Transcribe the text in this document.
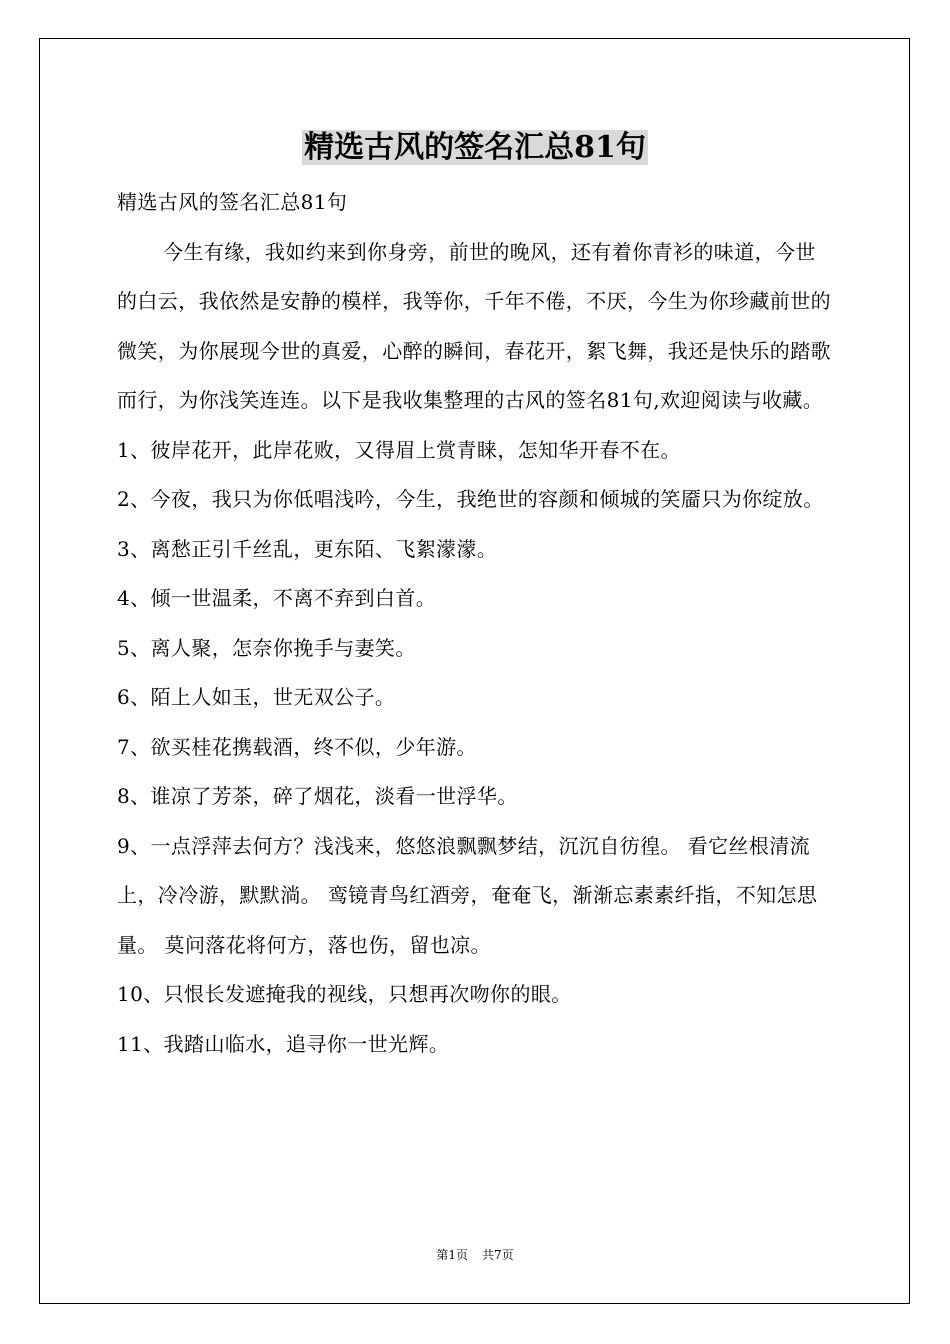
精选古风的签名汇总81句

精选古风的签名汇总81句

今生有缘，我如约来到你身旁，前世的晚风，还有着你青衫的味道，今世的白云，我依然是安静的模样，我等你，千年不倦，不厌，今生为你珍藏前世的微笑，为你展现今世的真爱，心醉的瞬间，春花开，絮飞舞，我还是快乐的踏歌而行，为你浅笑连连。以下是我收集整理的古风的签名81句,欢迎阅读与收藏。

1、彼岸花开，此岸花败，又得眉上赏青睐，怎知华开春不在。

2、今夜，我只为你低唱浅吟，今生，我绝世的容颜和倾城的笑靥只为你绽放。

3、离愁正引千丝乱，更东陌、飞絮濛濛。

4、倾一世温柔，不离不弃到白首。

5、离人聚，怎奈你挽手与妻笑。

6、陌上人如玉，世无双公子。

7、欲买桂花携载酒，终不似，少年游。

8、谁凉了芳茶，碎了烟花，淡看一世浮华。

9、一点浮萍去何方？浅浅来，悠悠浪飘飘梦结，沉沉自彷徨。 看它丝根清流上，冷冷游，默默淌。 鸾镜青鸟红酒旁，奄奄飞，渐渐忘素素纤指，不知怎思量。 莫问落花将何方，落也伤，留也凉。

10、只恨长发遮掩我的视线，只想再次吻你的眼。

11、我踏山临水，追寻你一世光辉。

第1页 共7页
